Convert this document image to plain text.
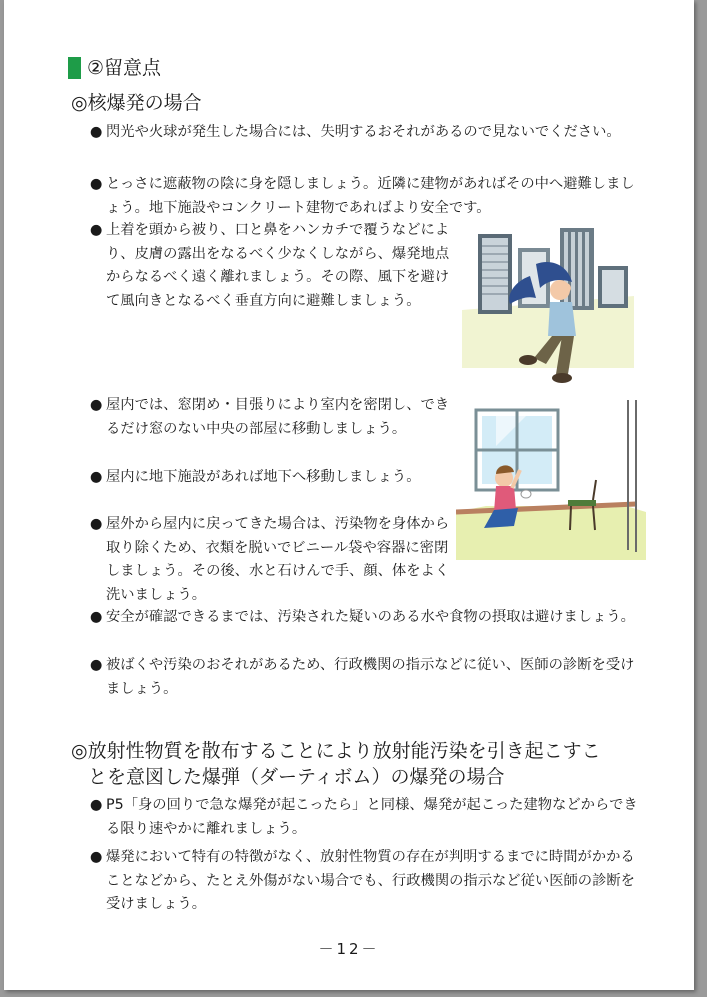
②留意点
◎核爆発の場合
● 閃光や火球が発生した場合には、失明するおそれがあるので見ないでください。
● とっさに遮蔽物の陰に身を隠しましょう。近隣に建物があればその中へ避難しましょう。地下施設やコンクリート建物であればより安全です。
● 上着を頭から被り、口と鼻をハンカチで覆うなどにより、皮膚の露出をなるべく少なくしながら、爆発地点からなるべく遠く離れましょう。その際、風下を避けて風向きとなるべく垂直方向に避難しましょう。
● 屋内では、窓閉め・目張りにより室内を密閉し、できるだけ窓のない中央の部屋に移動しましょう。
● 屋内に地下施設があれば地下へ移動しましょう。
● 屋外から屋内に戻ってきた場合は、汚染物を身体から取り除くため、衣類を脱いでビニール袋や容器に密閉しましょう。その後、水と石けんで手、顔、体をよく洗いましょう。
● 安全が確認できるまでは、汚染された疑いのある水や食物の摂取は避けましょう。
● 被ばくや汚染のおそれがあるため、行政機関の指示などに従い、医師の診断を受けましょう。
◎放射性物質を散布することにより放射能汚染を引き起こすこ
とを意図した爆弾（ダーティボム）の爆発の場合
● P5「身の回りで急な爆発が起こったら」と同様、爆発が起こった建物などからできる限り速やかに離れましょう。
● 爆発において特有の特徴がなく、放射性物質の存在が判明するまでに時間がかかることなどから、たとえ外傷がない場合でも、行政機関の指示など従い医師の診断を受けましょう。
－12－
